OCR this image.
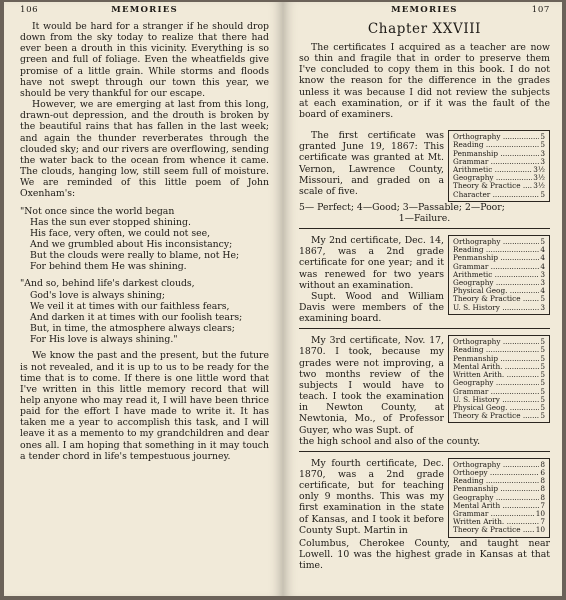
106	MEMORIES

It would be hard for a stranger if he should drop down from the sky today to realize that there had ever been a drouth in this vicinity. Everything is so green and full of foliage. Even the wheatfields give promise of a little grain. While storms and floods have not swept through our town this year, we should be very thankful for our escape.

However, we are emerging at last from this long, drawn-out depression, and the drouth is broken by the beautiful rains that has fallen in the last week; and again the thunder reverberates through the clouded sky; and our rivers are overflowing, sending the water back to the ocean from whence it came. The clouds, hanging low, still seem full of moisture. We are reminded of this little poem of John Oxenham's:

"Not once since the world began
Has the sun ever stopped shining.
His face, very often, we could not see,
And we grumbled about His inconsistancy;
But the clouds were really to blame, not He;
For behind them He was shining.
"And so, behind life's darkest clouds,
God's love is always shining;
We veil it at times with our faithless fears,
And darken it at times with our foolish tears;
But, in time, the atmosphere always clears;
For His love is always shining."

We know the past and the present, but the future is not revealed, and it is up to us to be ready for the time that is to come. If there is one little word that I've written in this little memory record that will help anyone who may read it, I will have been thrice paid for the effort I have made to write it. It has taken me a year to accomplish this task, and I will leave it as a memento to my grandchildren and dear ones all. I am hoping that something in it may touch a tender chord in life's tempestuous journey.

MEMORIES	107
Chapter XXVIII

The certificates I acquired as a teacher are now so thin and fragile that in order to preserve them I've concluded to copy them in this book. I do not know the reason for the difference in the grades unless it was because I did not review the subjects at each examination, or if it was the fault of the board of examiners.

The first certificate was granted June 19, 1867: This certificate was granted at Mt. Vernon, Lawrence County, Missouri, and graded on a scale of five.

Orthography .....	5
Reading .....	5
Penmanship .....	3
Grammar .....	3
Arithmetic .....	3½
Geography .....	3½
Theory & Practice .....	3½
Character .....	5
5— Perfect; 4—Good; 3—Passable; 2—Poor;
1—Failure.

My 2nd certificate, Dec. 14, 1867, was a 2nd grade certificate for one year; and it was renewed for two years without an examination.

Supt. Wood and William Davis were members of the examining board.

Orthography .....	5
Reading .....	4
Penmanship .....	4
Grammar .....	4
Arithmetic .....	3
Geography .....	3
Physical Geog. .....	4
Theory & Practice .....	5
U. S. History .....	3

My 3rd certificate, Nov. 17, 1870. I took, because my grades were not improving, a two months review of the subjects I would have to teach. I took the examination in Newton County, at Newtonia, Mo., of Professor Guyer, who was Supt. of

Orthography .....	5
Reading .....	5
Penmanship .....	5
Mental Arith. .....	5
Written Arith. .....	5
Geography .....	5
Grammar .....	5
U. S. History .....	5
Physical Geog. .....	5
Theory & Practice .....	5
the high school and also of the county.

My fourth certificate, Dec. 1870, was a 2nd grade certificate, but for teaching only 9 months. This was my first examination in the state of Kansas, and I took it before County Supt. Martin in

Orthography .....	8
Orthoepy .....	6
Reading .....	8
Penmanship .....	8
Geography .....	8
Mental Arith .....	7
Grammar .....	10
Written Arith. .....	7
Theory & Practice .....	10
Columbus, Cherokee County, and taught near Lowell. 10 was the highest grade in Kansas at that time.
